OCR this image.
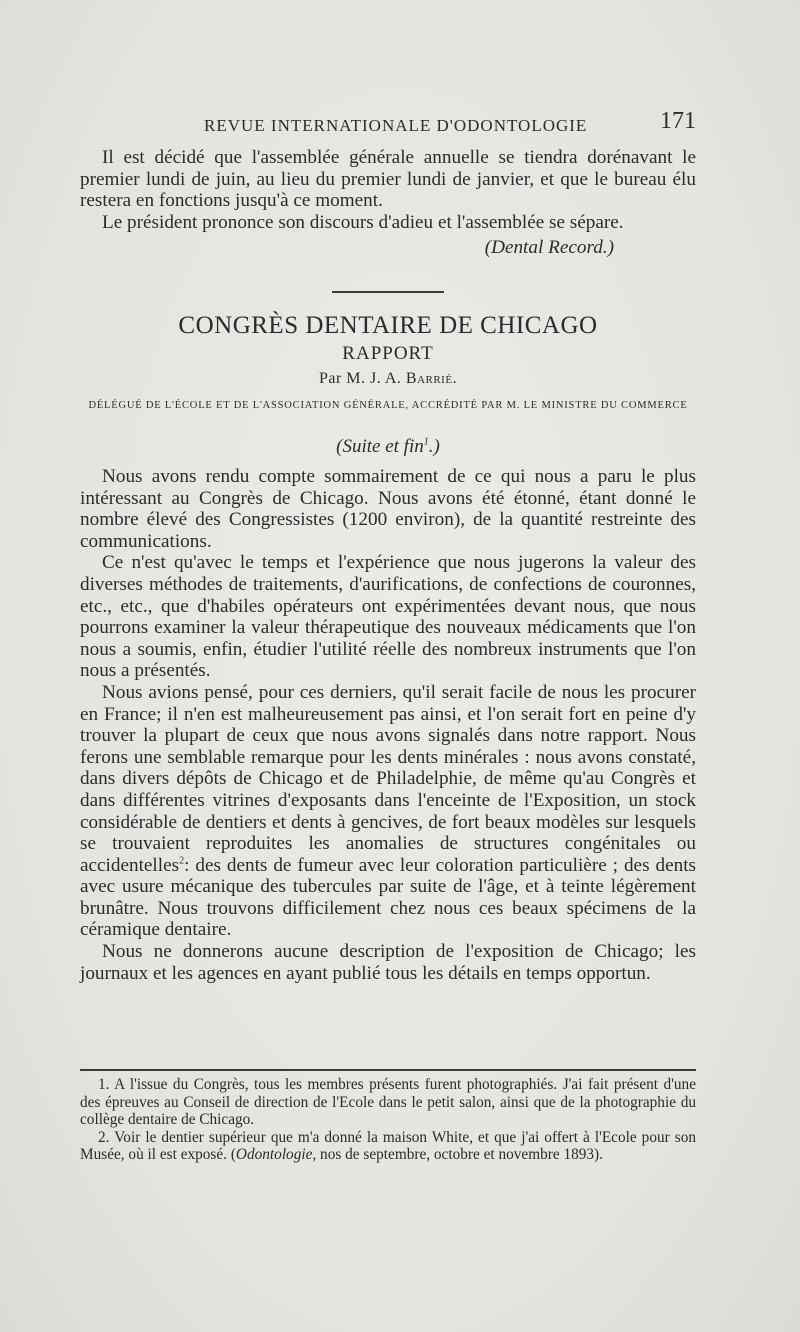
REVUE INTERNATIONALE D'ODONTOLOGIE	171

Il est décidé que l'assemblée générale annuelle se tiendra dorénavant le premier lundi de juin, au lieu du premier lundi de janvier, et que le bureau élu restera en fonctions jusqu'à ce moment.

Le président prononce son discours d'adieu et l'assemblée se sépare.

(Dental Record.)

CONGRÈS DENTAIRE DE CHICAGO
RAPPORT
Par M. J. A. Barrié.
DÉLÉGUÉ DE L'ÉCOLE ET DE L'ASSOCIATION GÉNÉRALE, ACCRÉDITÉ PAR M. LE MINISTRE DU COMMERCE
(Suite et fin$^1$.)

Nous avons rendu compte sommairement de ce qui nous a paru le plus intéressant au Congrès de Chicago. Nous avons été étonné, étant donné le nombre élevé des Congressistes (1200 environ), de la quantité restreinte des communications.

Ce n'est qu'avec le temps et l'expérience que nous jugerons la valeur des diverses méthodes de traitements, d'aurifications, de confections de couronnes, etc., etc., que d'habiles opérateurs ont expérimentées devant nous, que nous pourrons examiner la valeur thérapeutique des nouveaux médicaments que l'on nous a soumis, enfin, étudier l'utilité réelle des nombreux instruments que l'on nous a présentés.

Nous avions pensé, pour ces derniers, qu'il serait facile de nous les procurer en France; il n'en est malheureusement pas ainsi, et l'on serait fort en peine d'y trouver la plupart de ceux que nous avons signalés dans notre rapport. Nous ferons une semblable remarque pour les dents minérales : nous avons constaté, dans divers dépôts de Chicago et de Philadelphie, de même qu'au Congrès et dans différentes vitrines d'exposants dans l'enceinte de l'Exposition, un stock considérable de dentiers et dents à gencives, de fort beaux modèles sur lesquels se trouvaient reproduites les anomalies de structures congénitales ou accidentelles$^2$: des dents de fumeur avec leur coloration particulière ; des dents avec usure mécanique des tubercules par suite de l'âge, et à teinte légèrement brunâtre. Nous trouvons difficilement chez nous ces beaux spécimens de la céramique dentaire.

Nous ne donnerons aucune description de l'exposition de Chicago; les journaux et les agences en ayant publié tous les détails en temps opportun.

1. A l'issue du Congrès, tous les membres présents furent photographiés. J'ai fait présent d'une des épreuves au Conseil de direction de l'Ecole dans le petit salon, ainsi que de la photographie du collège dentaire de Chicago.

2. Voir le dentier supérieur que m'a donné la maison White, et que j'ai offert à l'Ecole pour son Musée, où il est exposé. (Odontologie, nos de septembre, octobre et novembre 1893).
